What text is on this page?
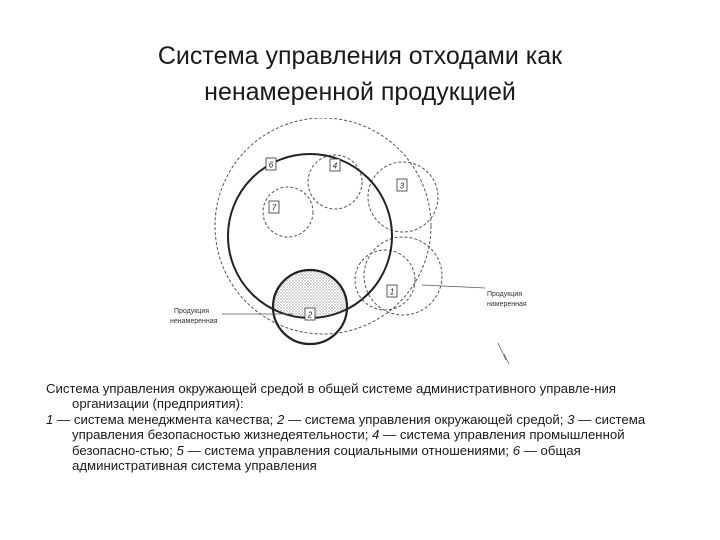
Система управления отходами как
ненамеренной продукцией
6	4
3
7
1
2
Продукция
ненамеренная
Продукция
намеренная
Система управления окружающей средой в общей системе административного управле-ния организации (предприятия):
1 — система менеджмента качества; 2 — система управления окружающей средой; 3 — система управления безопасностью жизнедеятельности; 4 — система управления промышленной безопасно-стью; 5 — система управления социальными отношениями; 6 — общая административная система управления
